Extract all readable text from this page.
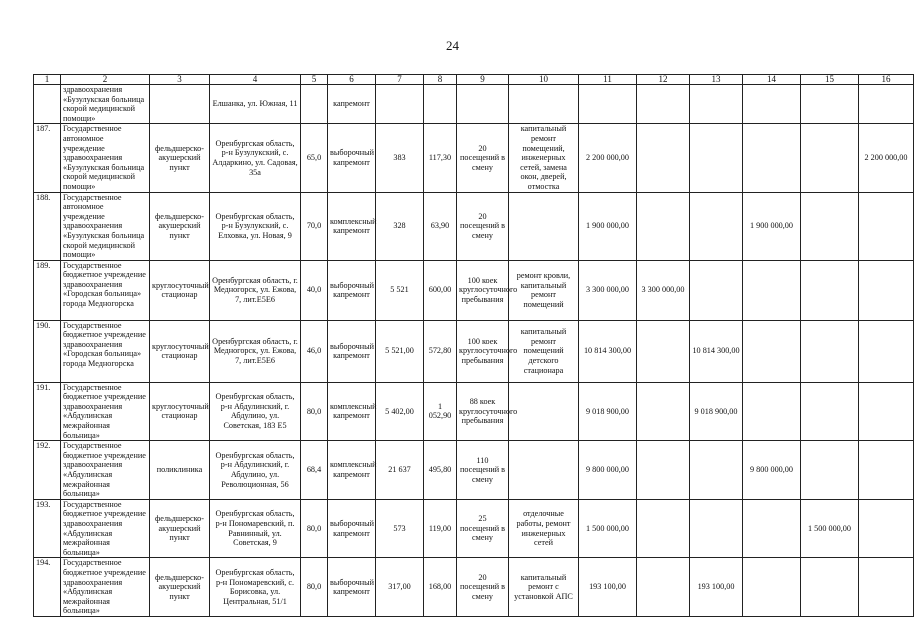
24
1	2	3	4	5	6	7	8	9	10	11	12	13	14	15	16
	здравоохранения «Бузулукская больница скорой медицинской помощи»		Елшанка, ул. Южная, 11		капремонт										
187.	Государственное автономное учреждение здравоохранения «Бузулукская больница скорой медицинской помощи»	фельдшерско-акушерский пункт	Оренбургская область, р-н Бузулукский, с. Алдаркино, ул. Садовая, 35а	65,0	выборочный капремонт	383	117,30	20 посещений в смену	капитальный ремонт помещений, инженерных сетей, замена окон, дверей, отмостка	2 200 000,00					2 200 000,00
188.	Государственное автономное учреждение здравоохранения «Бузулукская больница скорой медицинской помощи»	фельдшерско-акушерский пункт	Оренбургская область, р-н Бузулукский, с. Елховка, ул. Новая, 9	70,0	комплексный капремонт	328	63,90	20 посещений в смену		1 900 000,00			1 900 000,00		
189.	Государственное бюджетное учреждение здравоохранения «Городская больница» города Медногорска	круглосуточный стационар	Оренбургская область, г. Медногорск, ул. Ежова, 7, лит.Е5Е6	40,0	выборочный капремонт	5 521	600,00	100 коек круглосуточного пребывания	ремонт кровли, капитальный ремонт помещений	3 300 000,00	3 300 000,00				
190.	Государственное бюджетное учреждение здравоохранения «Городская больница» города Медногорска	круглосуточный стационар	Оренбургская область, г. Медногорск, ул. Ежова, 7, лит.Е5Е6	46,0	выборочный капремонт	5 521,00	572,80	100 коек круглосуточного пребывания	капитальный ремонт помещений детского стационара	10 814 300,00		10 814 300,00			
191.	Государственное бюджетное учреждение здравоохранения «Абдулинская межрайонная больница»	круглосуточный стационар	Оренбургская область, р-н Абдулинский, г. Абдулино, ул. Советская, 183 Е5	80,0	комплексный капремонт	5 402,00	1 052,90	88 коек круглосуточного пребывания		9 018 900,00		9 018 900,00			
192.	Государственное бюджетное учреждение здравоохранения «Абдулинская межрайонная больница»	поликлиника	Оренбургская область, р-н Абдулинский, г. Абдулино, ул. Революционная, 56	68,4	комплексный капремонт	21 637	495,80	110 посещений в смену		9 800 000,00			9 800 000,00		
193.	Государственное бюджетное учреждение здравоохранения «Абдулинская межрайонная больница»	фельдшерско-акушерский пункт	Оренбургская область, р-н Пономаревский, п. Равнинный, ул. Советская, 9	80,0	выборочный капремонт	573	119,00	25 посещений в смену	отделочные работы, ремонт инженерных сетей	1 500 000,00				1 500 000,00	
194.	Государственное бюджетное учреждение здравоохранения «Абдулинская межрайонная больница»	фельдшерско-акушерский пункт	Оренбургская область, р-н Пономаревский, с. Борисовка, ул. Центральная, 51/1	80,0	выборочный капремонт	317,00	168,00	20 посещений в смену	капитальный ремонт с установкой АПС	193 100,00		193 100,00			
